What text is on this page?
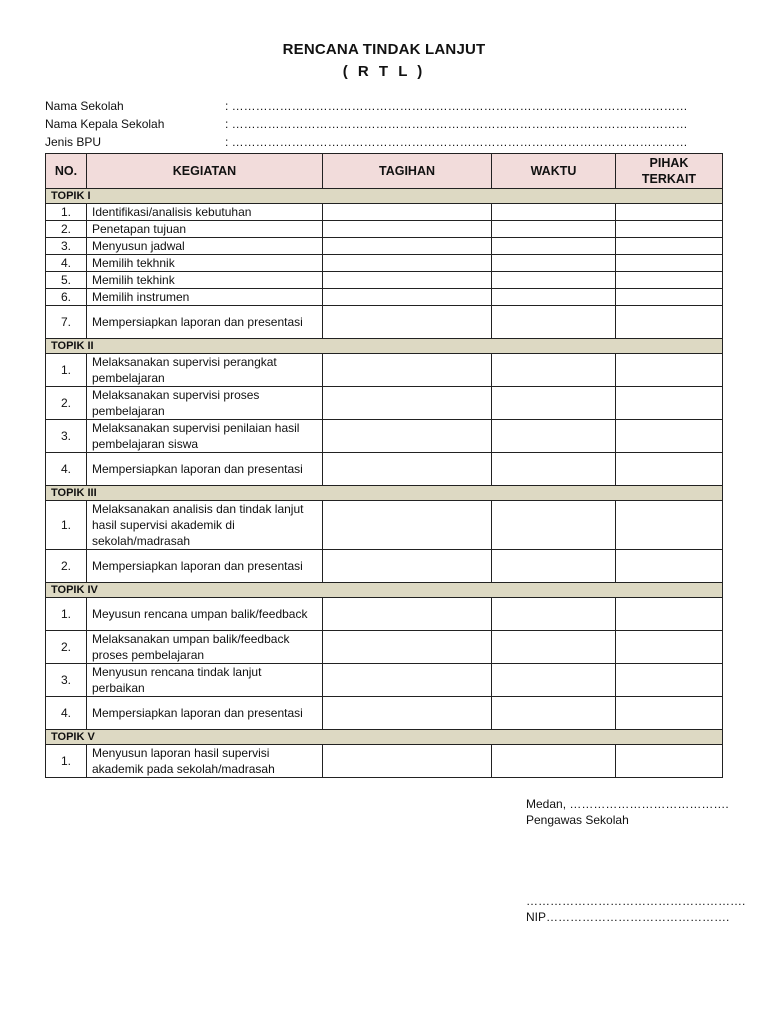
RENCANA TINDAK LANJUT
( R T L )
Nama Sekolah	: ……………………………………………………………………………………………………
Nama Kepala Sekolah	: ……………………………………………………………………………………………………
Jenis BPU	: ……………………………………………………………………………………………………
NO.	KEGIATAN	TAGIHAN	WAKTU	PIHAK TERKAIT
TOPIK I				
1.	Identifikasi/analisis kebutuhan			
2.	Penetapan tujuan			
3.	Menyusun jadwal			
4.	Memilih tekhnik			
5.	Memilih tekhink			
6.	Memilih instrumen			
7.	Mempersiapkan laporan dan presentasi			
TOPIK II				
1.	Melaksanakan supervisi perangkat pembelajaran			
2.	Melaksanakan supervisi proses pembelajaran			
3.	Melaksanakan supervisi penilaian hasil pembelajaran siswa			
4.	Mempersiapkan laporan dan presentasi			
TOPIK III				
1.	Melaksanakan analisis dan tindak lanjut hasil supervisi akademik di sekolah/madrasah			
2.	Mempersiapkan laporan dan presentasi			
TOPIK IV				
1.	Meyusun rencana umpan balik/feedback			
2.	Melaksanakan umpan balik/feedback proses pembelajaran			
3.	Menyusun rencana tindak lanjut perbaikan			
4.	Mempersiapkan laporan dan presentasi			
TOPIK V				
1.	Menyusun laporan hasil supervisi akademik pada sekolah/madrasah			
Medan, ………………………………….
Pengawas Sekolah
……………………………………………….
NIP……………………………………….
